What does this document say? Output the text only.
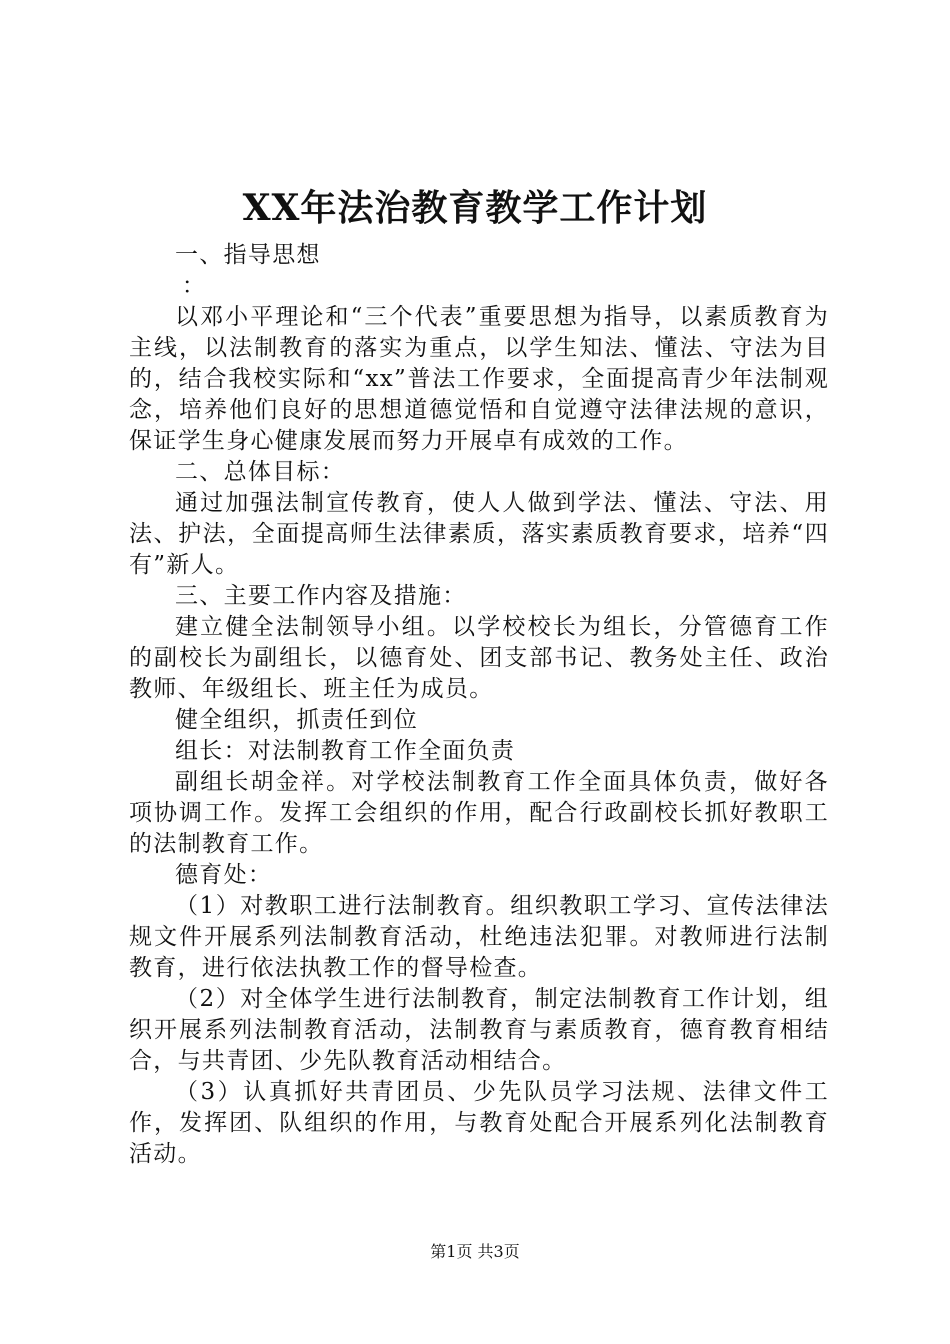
XX年法治教育教学工作计划

一、指导思想

：

以邓小平理论和“三个代表”重要思想为指导，以素质教育为主线，以法制教育的落实为重点，以学生知法、懂法、守法为目的，结合我校实际和“xx”普法工作要求，全面提高青少年法制观念，培养他们良好的思想道德觉悟和自觉遵守法律法规的意识，保证学生身心健康发展而努力开展卓有成效的工作。

二、总体目标：

通过加强法制宣传教育，使人人做到学法、懂法、守法、用法、护法，全面提高师生法律素质，落实素质教育要求，培养“四有”新人。

三、主要工作内容及措施：

建立健全法制领导小组。以学校校长为组长，分管德育工作的副校长为副组长，以德育处、团支部书记、教务处主任、政治教师、年级组长、班主任为成员。

健全组织，抓责任到位

组长：对法制教育工作全面负责

副组长胡金祥。对学校法制教育工作全面具体负责，做好各项协调工作。发挥工会组织的作用，配合行政副校长抓好教职工的法制教育工作。

德育处：

（1）对教职工进行法制教育。组织教职工学习、宣传法律法规文件开展系列法制教育活动，杜绝违法犯罪。对教师进行法制教育，进行依法执教工作的督导检查。

（2）对全体学生进行法制教育，制定法制教育工作计划，组织开展系列法制教育活动，法制教育与素质教育，德育教育相结合，与共青团、少先队教育活动相结合。

（3）认真抓好共青团员、少先队员学习法规、法律文件工作，发挥团、队组织的作用，与教育处配合开展系列化法制教育活动。

第1页 共3页
